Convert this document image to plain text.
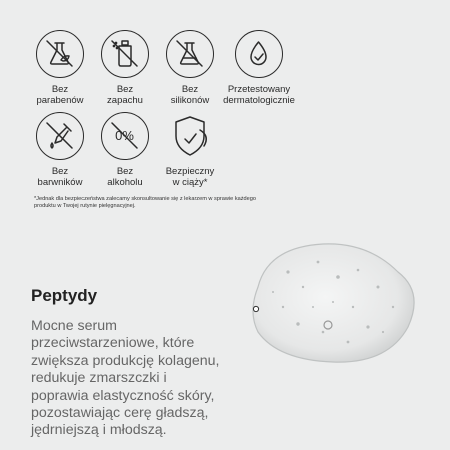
Bez
parabenów
Bez
zapachu
Bez
silikonów
Przetestowany
dermatologicznie
Bez
barwników
0%
Bez
alkoholu
Bezpieczny
w ciąży*
*Jednak dla bezpieczeństwa zalecamy skonsultowanie się z lekarzem w sprawie każdego produktu w Twojej rutynie pielęgnacyjnej.
Peptydy

Mocne serum
przeciwstarzeniowe, które
zwiększa produkcję kolagenu,
redukuje zmarszczki i
poprawia elastyczność skóry,
pozostawiając cerę gładszą,
jędrniejszą i młodszą.
